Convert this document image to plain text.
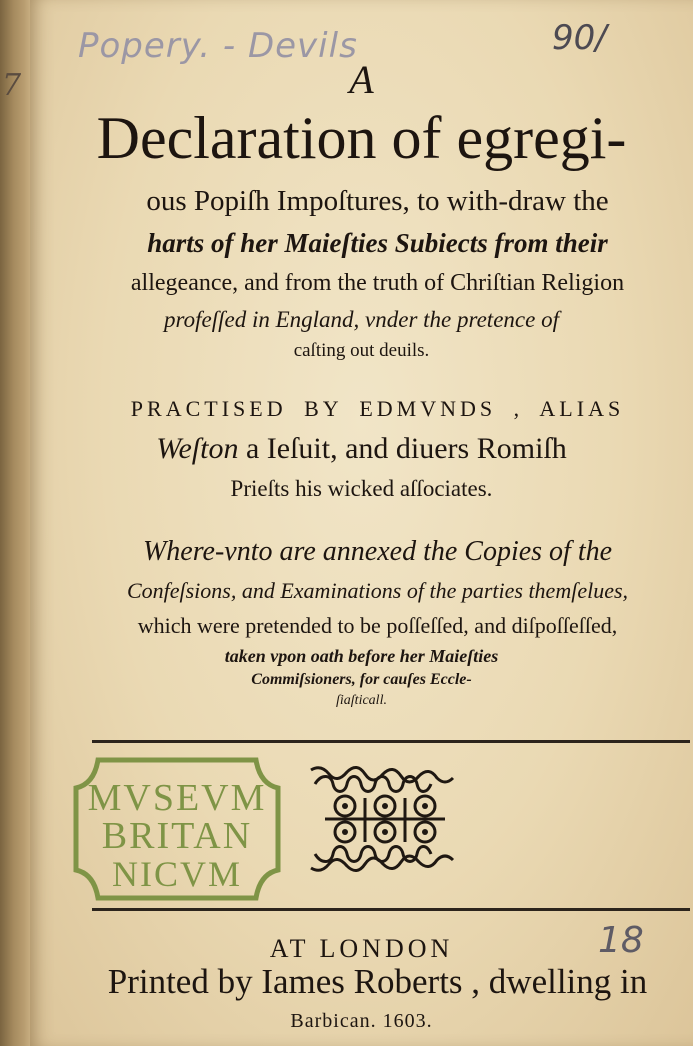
7
Popery. - Devils	90/
18
A
Declaration of egregi-
ous Popiſh Impoſtures, to with-draw the
harts of her Maieſties Subiects from their
allegeance, and from the truth of Chriſtian Religion
profeſſed in England, vnder the pretence of
caſting out deuils.
PRACTISED BY EDMVNDS , ALIAS
Weſton a Ieſuit, and diuers Romiſh
Prieſts his wicked aſſociates.
Where-vnto are annexed the Copies of the
Confeſsions, and Examinations of the parties themſelues,
which were pretended to be poſſeſſed, and diſpoſſeſſed,
taken vpon oath before her Maieſties
Commiſsioners, for cauſes Eccle-
ſiaſticall.
MVSEVM
BRITAN
NICVM
AT LONDON
Printed by Iames Roberts , dwelling in
Barbican. 1603.
